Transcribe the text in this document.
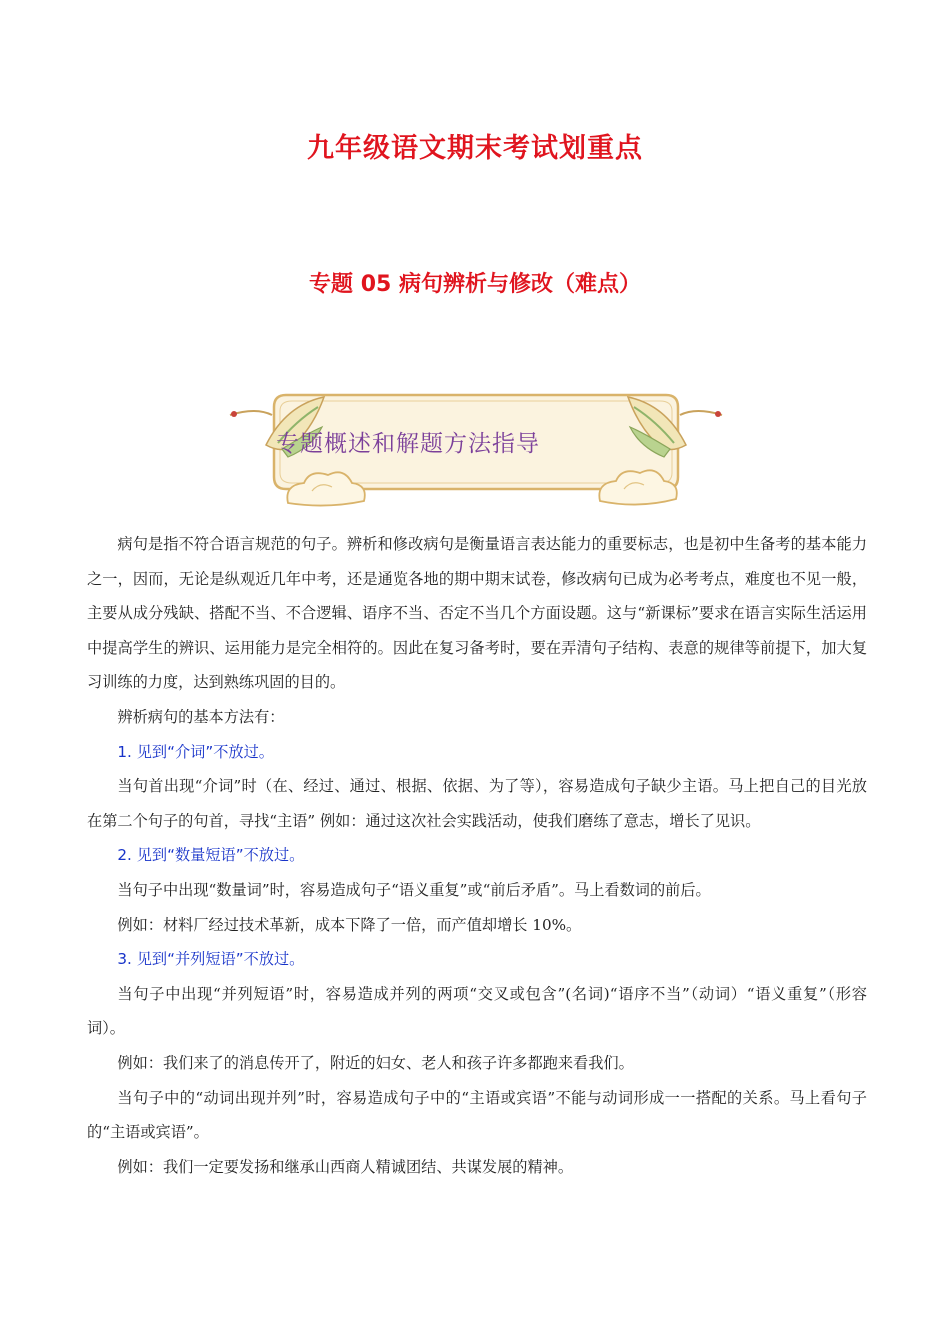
九年级语文期末考试划重点
专题 05 病句辨析与修改（难点）
专题概述和解题方法指导

病句是指不符合语言规范的句子。辨析和修改病句是衡量语言表达能力的重要标志，也是初中生备考的基本能力之一，因而，无论是纵观近几年中考，还是通览各地的期中期末试卷，修改病句已成为必考考点，难度也不见一般，主要从成分残缺、搭配不当、不合逻辑、语序不当、否定不当几个方面设题。这与“新课标”要求在语言实际生活运用中提高学生的辨识、运用能力是完全相符的。因此在复习备考时，要在弄清句子结构、表意的规律等前提下，加大复习训练的力度，达到熟练巩固的目的。

辨析病句的基本方法有：

1. 见到“介词”不放过。

当句首出现“介词”时（在、经过、通过、根据、依据、为了等），容易造成句子缺少主语。马上把自己的目光放在第二个句子的句首，寻找“主语” 例如：通过这次社会实践活动，使我们磨练了意志，增长了见识。

2. 见到“数量短语”不放过。

当句子中出现“数量词”时，容易造成句子“语义重复”或“前后矛盾”。马上看数词的前后。

例如：材料厂经过技术革新，成本下降了一倍，而产值却增长 10%。

3. 见到“并列短语”不放过。

当句子中出现“并列短语”时，容易造成并列的两项“交叉或包含”(名词)“语序不当”（动词）“语义重复”（形容词）。

例如：我们来了的消息传开了，附近的妇女、老人和孩子许多都跑来看我们。

当句子中的“动词出现并列”时，容易造成句子中的“主语或宾语”不能与动词形成一一搭配的关系。马上看句子的“主语或宾语”。

例如：我们一定要发扬和继承山西商人精诚团结、共谋发展的精神。
